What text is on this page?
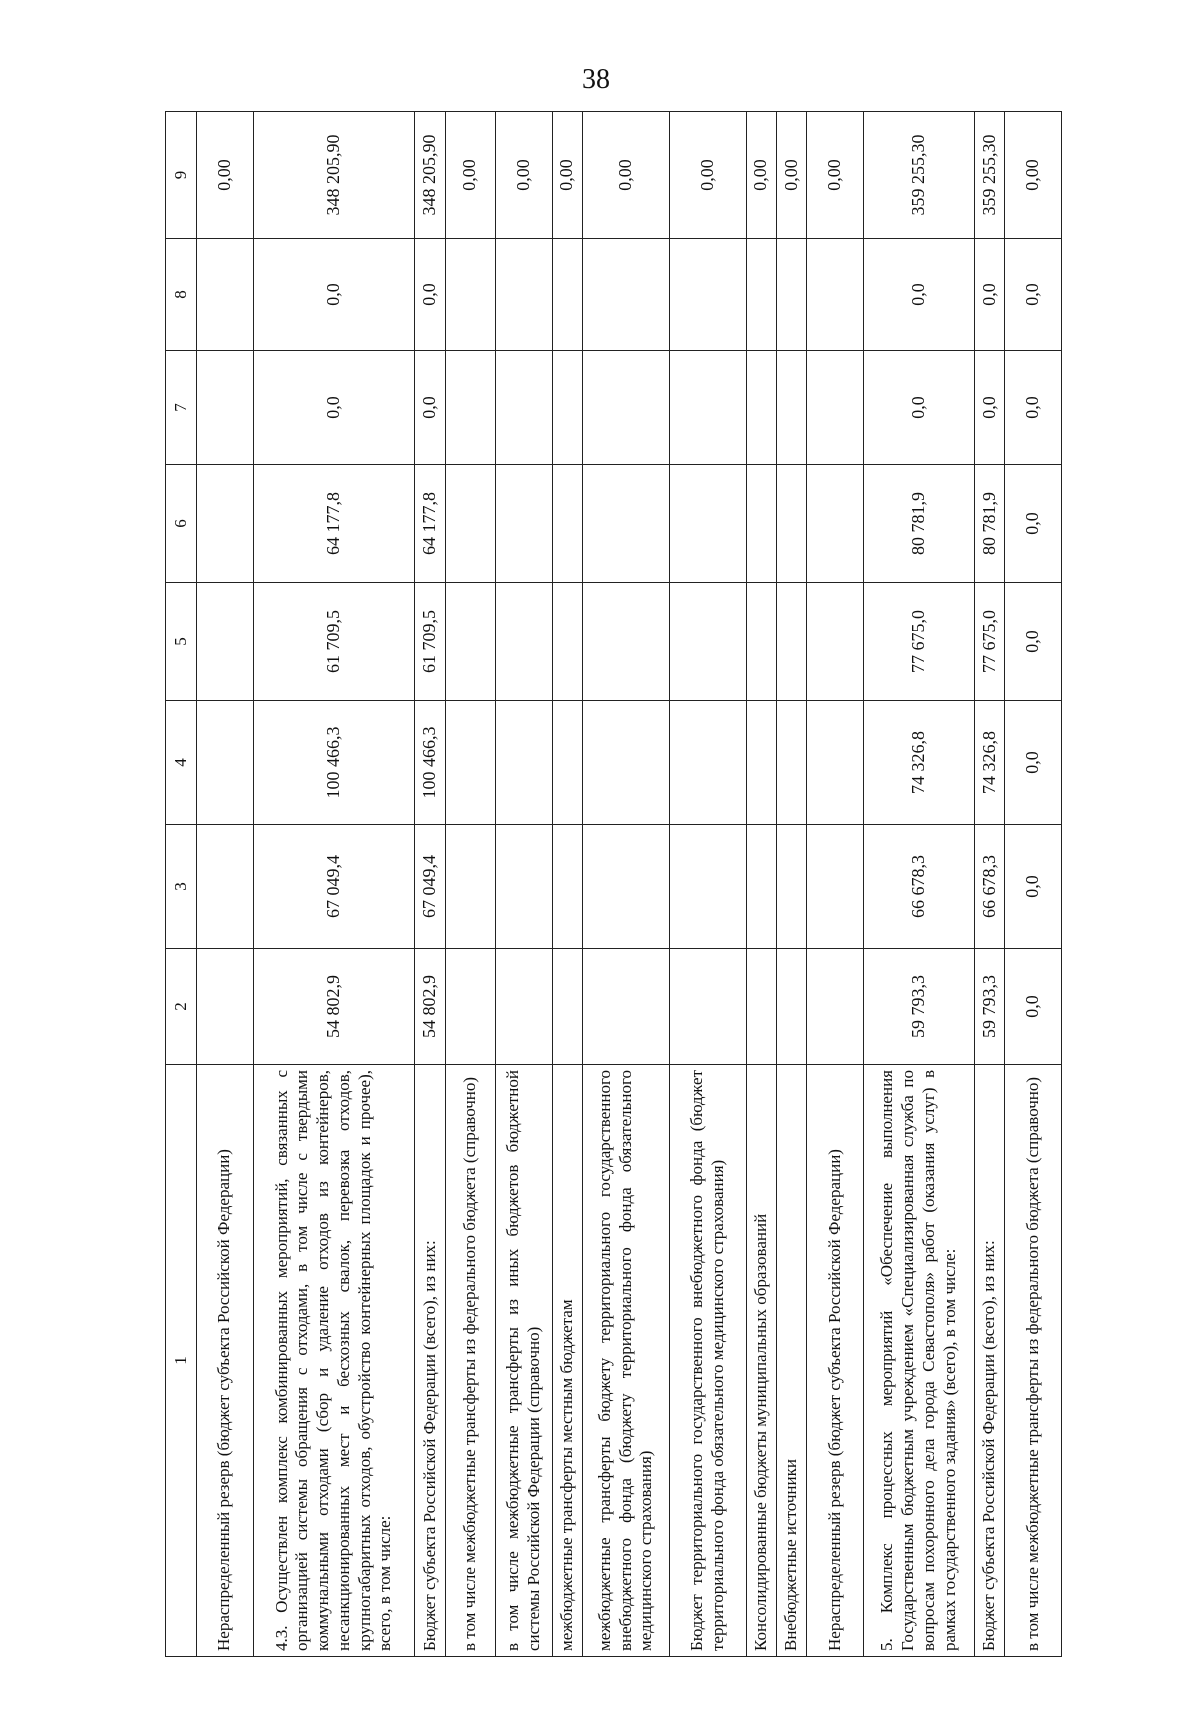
38
1	2	3	4	5	6	7	8	9
Нераспределенный резерв (бюджет субъекта Российской Федерации)								0,00
4.3. Осуществлен комплекс комбинированных мероприятий, связанных с организацией системы обращения с отходами, в том числе с твердыми коммунальными отходами (сбор и удаление отходов из контейнеров, несанкционированных мест и бесхозных свалок, перевозка отходов, крупногабаритных отходов, обустройство контейнерных площадок и прочее), всего, в том числе:	54 802,9	67 049,4	100 466,3	61 709,5	64 177,8	0,0	0,0	348 205,90
Бюджет субъекта Российской Федерации (всего), из них:	54 802,9	67 049,4	100 466,3	61 709,5	64 177,8	0,0	0,0	348 205,90
в том числе межбюджетные трансферты из федерального бюджета (справочно)								0,00
в том числе межбюджетные трансферты из иных бюджетов бюджетной системы Российской Федерации (справочно)								0,00
межбюджетные трансферты местным бюджетам								0,00
межбюджетные трансферты бюджету территориального государственного внебюджетного фонда (бюджету территориального фонда обязательного медицинского страхования)								0,00
Бюджет территориального государственного внебюджетного фонда (бюджет территориального фонда обязательного медицинского страхования)								0,00
Консолидированные бюджеты муниципальных образований								0,00
Внебюджетные источники								0,00
Нераспределенный резерв (бюджет субъекта Российской Федерации)								0,00
5. Комплекс процессных мероприятий «Обеспечение выполнения Государственным бюджетным учреждением «Специализированная служба по вопросам похоронного дела города Севастополя» работ (оказания услуг) в рамках государственного задания» (всего), в том числе:	59 793,3	66 678,3	74 326,8	77 675,0	80 781,9	0,0	0,0	359 255,30
Бюджет субъекта Российской Федерации (всего), из них:	59 793,3	66 678,3	74 326,8	77 675,0	80 781,9	0,0	0,0	359 255,30
в том числе межбюджетные трансферты из федерального бюджета (справочно)	0,0	0,0	0,0	0,0	0,0	0,0	0,0	0,00
